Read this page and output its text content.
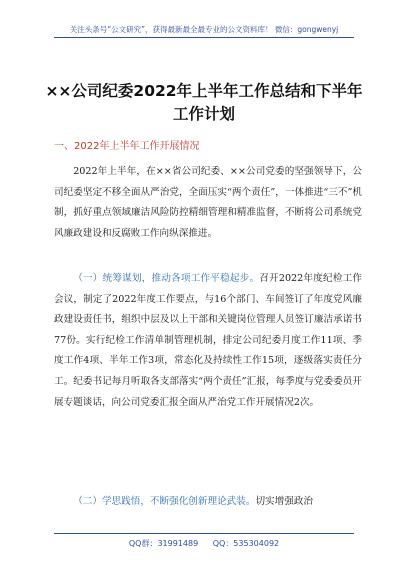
关注头条号“公文研究”，获得最新最全最专业的公文资料库！ 微信：gongwenyj
××公司纪委2022年上半年工作总结和下半年工作计划
一、2022年上半年工作开展情况

2022年上半年，在××省公司纪委、××公司党委的坚强领导下，公司纪委坚定不移全面从严治党，全面压实“两个责任”，一体推进“三不”机制，抓好重点领域廉洁风险防控精细管理和精准监督，不断将公司系统党风廉政建设和反腐败工作向纵深推进。

（一）统筹谋划，推动各项工作平稳起步。召开2022年度纪检工作会议，制定了2022年度工作要点，与16个部门、车间签订了年度党风廉政建设责任书，组织中层及以上干部和关键岗位管理人员签订廉洁承诺书77份。实行纪检工作清单制管理机制，排定公司纪委月度工作11项、季度工作4项、半年工作3项，常态化及持续性工作15项，逐级落实责任分工。纪委书记每月听取各支部落实“两个责任”汇报，每季度与党委委员开展专题谈话，向公司党委汇报全面从严治党工作开展情况2次。

（二）学思践悟，不断强化创新理论武装。切实增强政治

QQ群：31991489 QQ：535304092
